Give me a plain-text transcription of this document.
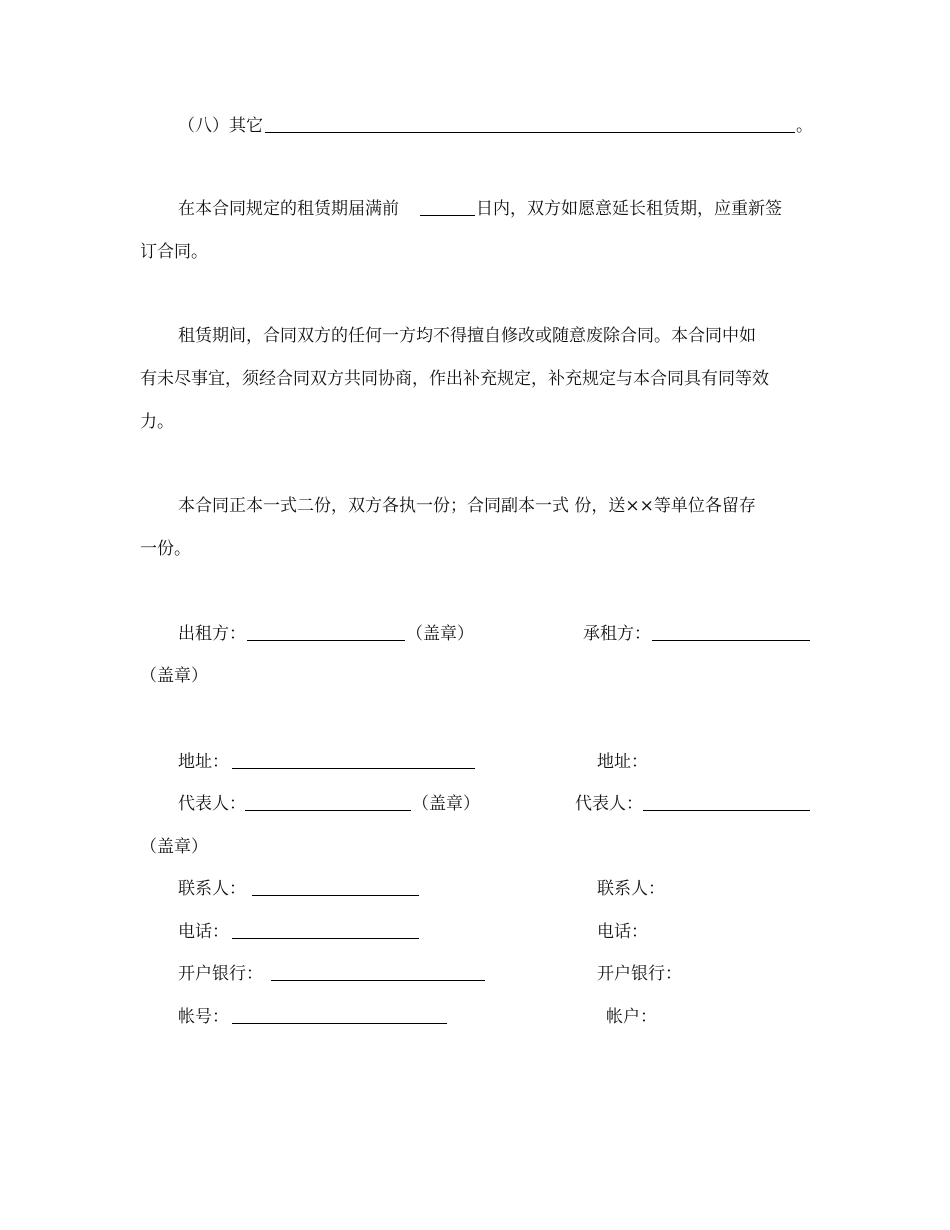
（八）其它	。
在本合同规定的租赁期届满前	日内，双方如愿意延长租赁期，应重新签
订合同。
租赁期间，合同双方的任何一方均不得擅自修改或随意废除合同。本合同中如
有未尽事宜，须经合同双方共同协商，作出补充规定，补充规定与本合同具有同等效
力。
本合同正本一式二份，双方各执一份；合同副本一式 份，送××等单位各留存
一份。
出租方：	（盖章）	承租方：
（盖章）
地址：	地址：
代表人：	（盖章）	代表人：
（盖章）
联系人：	联系人：
电话：	电话：
开户银行：	开户银行：
帐号：	帐户：
